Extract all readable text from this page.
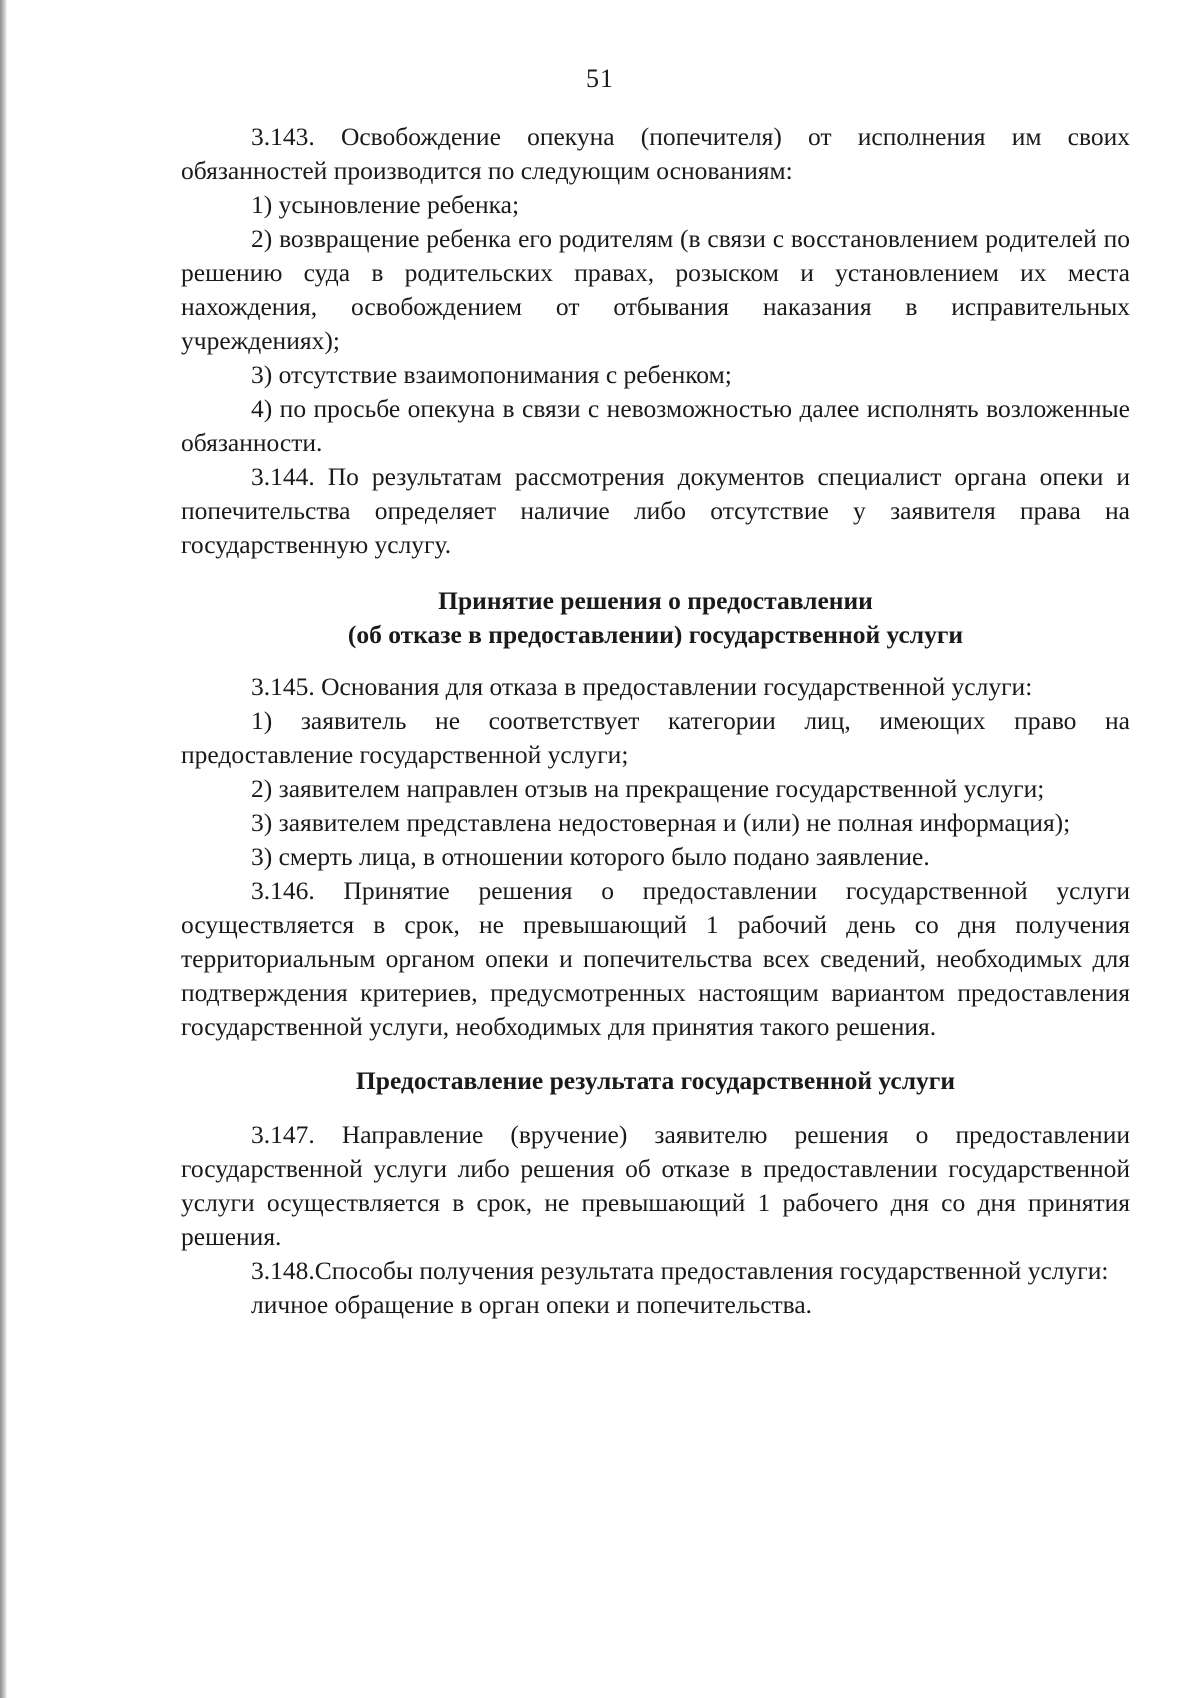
51

3.143. Освобождение опекуна (попечителя) от исполнения им своих обязанностей производится по следующим основаниям:

1) усыновление ребенка;

2) возвращение ребенка его родителям (в связи с восстановлением родителей по решению суда в родительских правах, розыском и установлением их места нахождения, освобождением от отбывания наказания в исправительных учреждениях);

3) отсутствие взаимопонимания с ребенком;

4) по просьбе опекуна в связи с невозможностью далее исполнять возложенные обязанности.

3.144. По результатам рассмотрения документов специалист органа опеки и попечительства определяет наличие либо отсутствие у заявителя права на государственную услугу.

Принятие решения о предоставлении
(об отказе в предоставлении) государственной услуги

3.145. Основания для отказа в предоставлении государственной услуги:

1) заявитель не соответствует категории лиц, имеющих право на предоставление государственной услуги;

2) заявителем направлен отзыв на прекращение государственной услуги;

3) заявителем представлена недостоверная и (или) не полная информация);

3) смерть лица, в отношении которого было подано заявление.

3.146. Принятие решения о предоставлении государственной услуги осуществляется в срок, не превышающий 1 рабочий день со дня получения территориальным органом опеки и попечительства всех сведений, необходимых для подтверждения критериев, предусмотренных настоящим вариантом предоставления государственной услуги, необходимых для принятия такого решения.

Предоставление результата государственной услуги

3.147. Направление (вручение) заявителю решения о предоставлении государственной услуги либо решения об отказе в предоставлении государственной услуги осуществляется в срок, не превышающий 1 рабочего дня со дня принятия решения.

3.148.Способы получения результата предоставления государственной услуги:

личное обращение в орган опеки и попечительства.
